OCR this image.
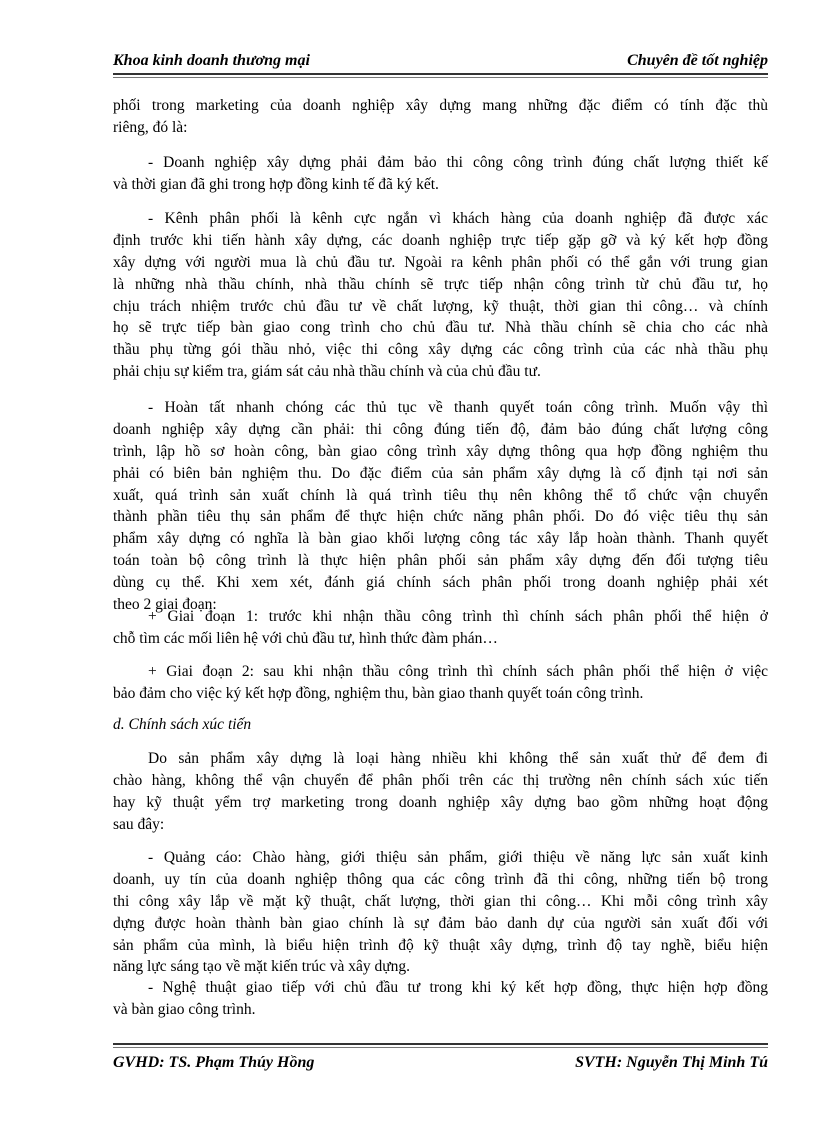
Khoa kinh doanh thương mại	Chuyên đề tốt nghiệp
phối trong marketing của doanh nghiệp xây dựng mang những đặc điểm có tính đặc thù
riêng, đó là:
- Doanh nghiệp xây dựng phải đảm bảo thi công công trình đúng chất lượng thiết kế
và thời gian đã ghi trong hợp đồng kinh tế đã ký kết.
- Kênh phân phối là kênh cực ngắn vì khách hàng của doanh nghiệp đã được xác
định trước khi tiến hành xây dựng, các doanh nghiệp trực tiếp gặp gỡ và ký kết hợp đồng
xây dựng với người mua là chủ đầu tư. Ngoài ra kênh phân phối có thể gắn với trung gian
là những nhà thầu chính, nhà thầu chính sẽ trực tiếp nhận công trình từ chủ đầu tư, họ
chịu trách nhiệm trước chủ đầu tư về chất lượng, kỹ thuật, thời gian thi công… và chính
họ sẽ trực tiếp bàn giao cong trình cho chủ đầu tư. Nhà thầu chính sẽ chia cho các nhà
thầu phụ từng gói thầu nhỏ, việc thi công xây dựng các công trình của các nhà thầu phụ
phải chịu sự kiểm tra, giám sát cảu nhà thầu chính và của chủ đầu tư.
- Hoàn tất nhanh chóng các thủ tục về thanh quyết toán công trình. Muốn vậy thì
doanh nghiệp xây dựng cần phải: thi công đúng tiến độ, đảm bảo đúng chất lượng công
trình, lập hồ sơ hoàn công, bàn giao công trình xây dựng thông qua hợp đồng nghiệm thu
phải có biên bản nghiệm thu. Do đặc điểm của sản phẩm xây dựng là cố định tại nơi sản
xuất, quá trình sản xuất chính là quá trình tiêu thụ nên không thể tổ chức vận chuyển
thành phần tiêu thụ sản phẩm để thực hiện chức năng phân phối. Do đó việc tiêu thụ sản
phẩm xây dựng có nghĩa là bàn giao khối lượng công tác xây lắp hoàn thành. Thanh quyết
toán toàn bộ công trình là thực hiện phân phối sản phẩm xây dựng đến đối tượng tiêu
dùng cụ thể. Khi xem xét, đánh giá chính sách phân phối trong doanh nghiệp phải xét
theo 2 giai đoạn:
+ Giai đoạn 1: trước khi nhận thầu công trình thì chính sách phân phối thể hiện ở
chỗ tìm các mối liên hệ với chủ đầu tư, hình thức đàm phán…
+ Giai đoạn 2: sau khi nhận thầu công trình thì chính sách phân phối thể hiện ở việc
bảo đảm cho việc ký kết hợp đồng, nghiệm thu, bàn giao thanh quyết toán công trình.
d. Chính sách xúc tiến
Do sản phẩm xây dựng là loại hàng nhiều khi không thể sản xuất thử để đem đi
chào hàng, không thể vận chuyển để phân phối trên các thị trường nên chính sách xúc tiến
hay kỹ thuật yểm trợ marketing trong doanh nghiệp xây dựng bao gồm những hoạt động
sau đây:
- Quảng cáo: Chào hàng, giới thiệu sản phẩm, giới thiệu về năng lực sản xuất kinh
doanh, uy tín của doanh nghiệp thông qua các công trình đã thi công, những tiến bộ trong
thi công xây lắp về mặt kỹ thuật, chất lượng, thời gian thi công… Khi mỗi công trình xây
dựng được hoàn thành bàn giao chính là sự đảm bảo danh dự của người sản xuất đối với
sản phẩm của mình, là biểu hiện trình độ kỹ thuật xây dựng, trình độ tay nghề, biểu hiện
năng lực sáng tạo về mặt kiến trúc và xây dựng.
- Nghệ thuật giao tiếp với chủ đầu tư trong khi ký kết hợp đồng, thực hiện hợp đồng
và bàn giao công trình.
GVHD: TS. Phạm Thúy Hồng	SVTH: Nguyễn Thị Minh Tú
